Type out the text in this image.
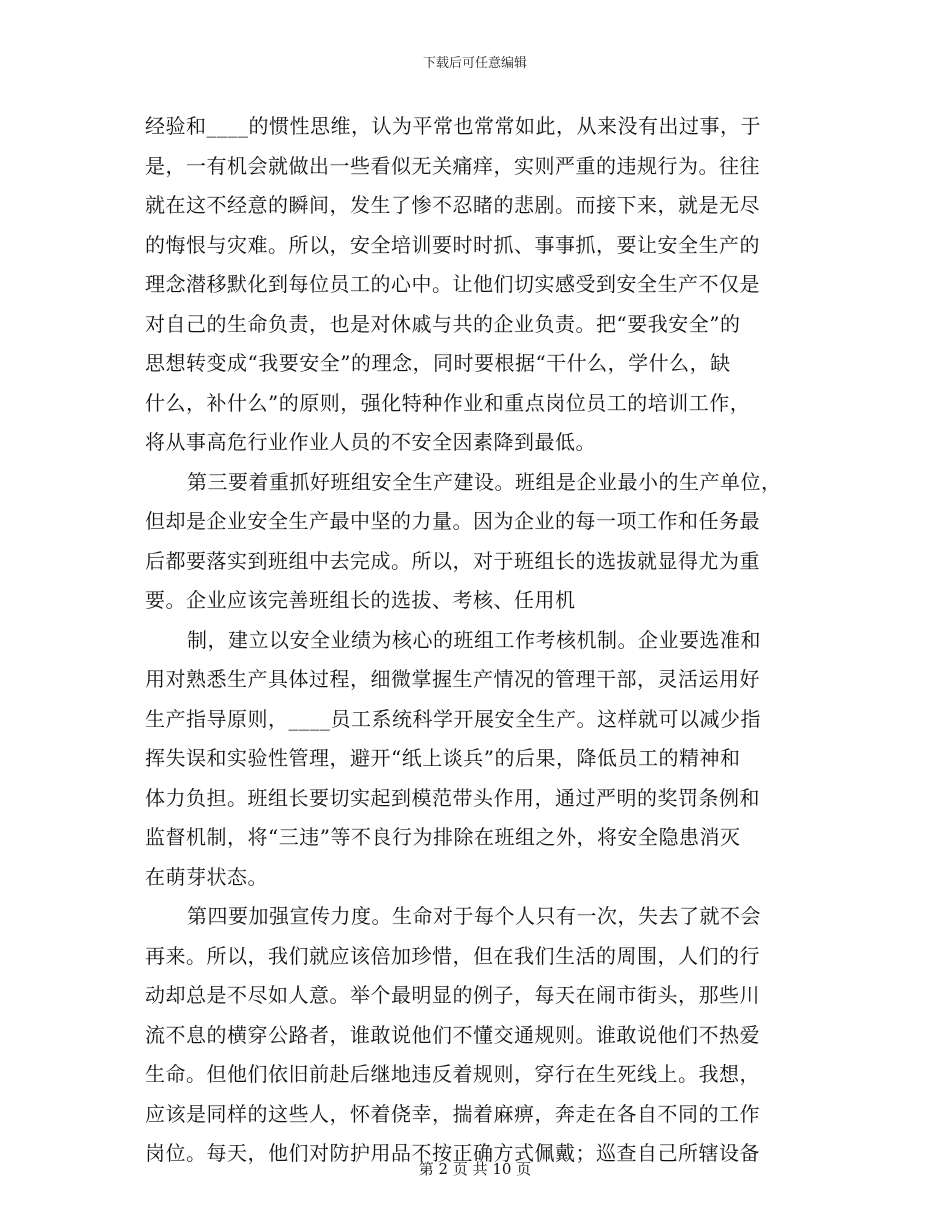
下载后可任意编辑
经验和____的惯性思维，认为平常也常常如此，从来没有出过事，于
是，一有机会就做出一些看似无关痛痒，实则严重的违规行为。往往
就在这不经意的瞬间，发生了惨不忍睹的悲剧。而接下来，就是无尽
的悔恨与灾难。所以，安全培训要时时抓、事事抓，要让安全生产的
理念潜移默化到每位员工的心中。让他们切实感受到安全生产不仅是
对自己的生命负责，也是对休戚与共的企业负责。把“要我安全”的
思想转变成“我要安全”的理念，同时要根据“干什么，学什么，缺
什么，补什么”的原则，强化特种作业和重点岗位员工的培训工作，
将从事高危行业作业人员的不安全因素降到最低。
第三要着重抓好班组安全生产建设。班组是企业最小的生产单位，
但却是企业安全生产最中坚的力量。因为企业的每一项工作和任务最
后都要落实到班组中去完成。所以，对于班组长的选拔就显得尤为重
要。企业应该完善班组长的选拔、考核、任用机
制，建立以安全业绩为核心的班组工作考核机制。企业要选准和
用对熟悉生产具体过程，细微掌握生产情况的管理干部，灵活运用好
生产指导原则，____员工系统科学开展安全生产。这样就可以减少指
挥失误和实验性管理，避开“纸上谈兵”的后果，降低员工的精神和
体力负担。班组长要切实起到模范带头作用，通过严明的奖罚条例和
监督机制，将“三违”等不良行为排除在班组之外，将安全隐患消灭
在萌芽状态。
第四要加强宣传力度。生命对于每个人只有一次，失去了就不会
再来。所以，我们就应该倍加珍惜，但在我们生活的周围，人们的行
动却总是不尽如人意。举个最明显的例子，每天在闹市街头，那些川
流不息的横穿公路者，谁敢说他们不懂交通规则。谁敢说他们不热爱
生命。但他们依旧前赴后继地违反着规则，穿行在生死线上。我想，
应该是同样的这些人，怀着侥幸，揣着麻痹，奔走在各自不同的工作
岗位。每天，他们对防护用品不按正确方式佩戴；巡查自己所辖设备
第 2 页 共 10 页
